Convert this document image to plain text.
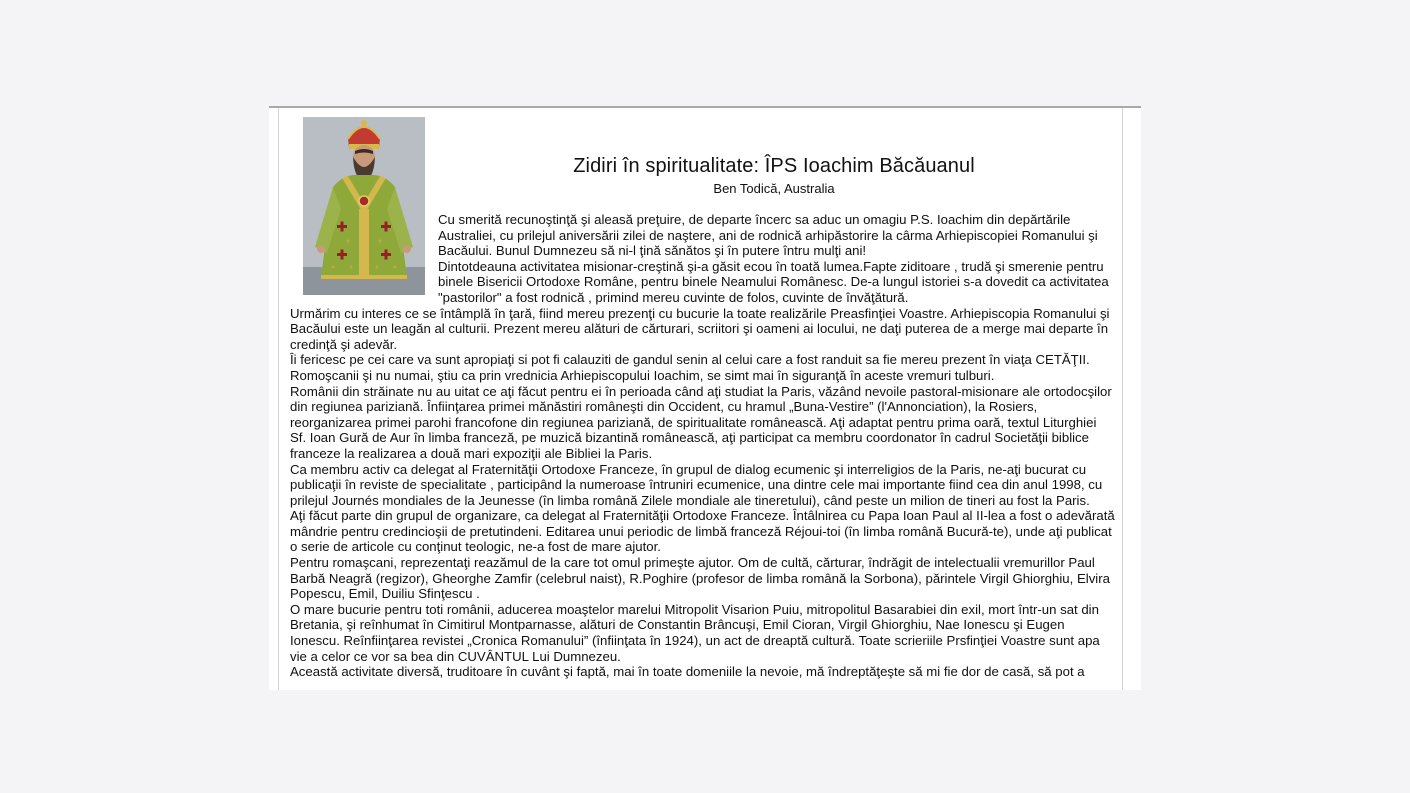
Zidiri în spiritualitate: ÎPS Ioachim Băcăuanul
Ben Todică, Australia

Cu smerită recunoştinţă şi aleasă preţuire, de departe încerc sa aduc un omagiu P.S. Ioachim din depărtările Australiei, cu prilejul aniversării zilei de naştere, ani de rodnică arhipăstorire la cârma Arhiepiscopiei Romanului şi Bacăului. Bunul Dumnezeu să ni-l ţină sănătos şi în putere întru mulţi ani!

Dintotdeauna activitatea misionar-creştină şi-a găsit ecou în toată lumea.Fapte ziditoare , trudă şi smerenie pentru binele Bisericii Ortodoxe Române, pentru binele Neamului Românesc. De-a lungul istoriei s-a dovedit ca activitatea "pastorilor" a fost rodnică , primind mereu cuvinte de folos, cuvinte de învăţătură.

Urmărim cu interes ce se întâmplă în ţară, fiind mereu prezenţi cu bucurie la toate realizările Preasfinţiei Voastre. Arhiepiscopia Romanului şi Bacăului este un leagăn al culturii. Prezent mereu alături de cărturari, scriitori şi oameni ai locului, ne daţi puterea de a merge mai departe în credinţă şi adevăr.

Îi fericesc pe cei care va sunt apropiaţi si pot fi calauziti de gandul senin al celui care a fost randuit sa fie mereu prezent în viaţa CETĂŢII. Romoşcanii şi nu numai, ştiu ca prin vrednicia Arhiepiscopului Ioachim, se simt mai în siguranţă în aceste vremuri tulburi.

Românii din străinate nu au uitat ce aţi făcut pentru ei în perioada când aţi studiat la Paris, văzând nevoile pastoral-misionare ale ortodocşilor din regiunea pariziană. Înfiinţarea primei mănăstiri româneşti din Occident, cu hramul „Buna-Vestire” (l'Annonciation), la Rosiers, reorganizarea primei parohi francofone din regiunea pariziană, de spiritualitate românească. Aţi adaptat pentru prima oară, textul Liturghiei Sf. Ioan Gură de Aur în limba franceză, pe muzică bizantină românească, aţi participat ca membru coordonator în cadrul Societăţii biblice franceze la realizarea a două mari expoziţii ale Bibliei la Paris.

Ca membru activ ca delegat al Fraternităţii Ortodoxe Franceze, în grupul de dialog ecumenic şi interreligios de la Paris, ne-aţi bucurat cu publicaţii în reviste de specialitate , participând la numeroase întruniri ecumenice, una dintre cele mai importante fiind cea din anul 1998, cu prilejul Journés mondiales de la Jeunesse (în limba română Zilele mondiale ale tineretului), când peste un milion de tineri au fost la Paris.

Aţi făcut parte din grupul de organizare, ca delegat al Fraternităţii Ortodoxe Franceze. Întâlnirea cu Papa Ioan Paul al II-lea a fost o adevărată mândrie pentru credincioşii de pretutindeni. Editarea unui periodic de limbă franceză Réjoui-toi (în limba română Bucură-te), unde aţi publicat o serie de articole cu conţinut teologic, ne-a fost de mare ajutor.

Pentru romaşcani, reprezentaţi reazămul de la care tot omul primeşte ajutor. Om de cultă, cărturar, îndrăgit de intelectualii vremurillor Paul Barbă Neagră (regizor), Gheorghe Zamfir (celebrul naist), R.Poghire (profesor de limba română la Sorbona), părintele Virgil Ghiorghiu, Elvira Popescu, Emil, Duiliu Sfinţescu .

O mare bucurie pentru toti românii, aducerea moaştelor marelui Mitropolit Visarion Puiu, mitropolitul Basarabiei din exil, mort într-un sat din Bretania, şi reînhumat în Cimitirul Montparnasse, alături de Constantin Brâncuşi, Emil Cioran, Virgil Ghiorghiu, Nae Ionescu şi Eugen Ionescu. Reînfiinţarea revistei „Cronica Romanului” (înfiinţata în 1924), un act de dreaptă cultură. Toate scrieriile Prsfinţiei Voastre sunt apa vie a celor ce vor sa bea din CUVÂNTUL Lui Dumnezeu.

Această activitate diversă, truditoare în cuvânt şi faptă, mai în toate domeniile la nevoie, mă îndreptăţeşte să mi fie dor de casă, să pot a
